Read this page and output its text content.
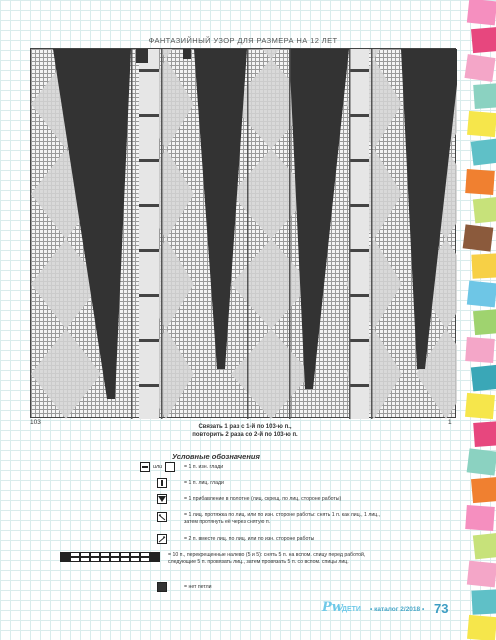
ФАНТАЗИЙНЫЙ УЗОР ДЛЯ РАЗМЕРА НА 12 ЛЕТ
103	1
Связать 1 раз с 1-й по 103-ю п.,
повторить 2 раза со 2-й по 103-ю п.
Условные обозначения
или	= 1 п. изн. глади
= 1 п. лиц. глади
= 1 прибавление в полотне (лиц. скрещ. по лиц. стороне работы)
= 1 лиц. протяжка по лиц. или по изн. стороне работы: снять 1 п. как лиц., 1 лиц.,
затем протянуть её через снятую п.
= 2 п. вместе лиц. по лиц. или по изн. стороне работы
= 10 п., перекрещенные налево (5 и 5): снять 5 п. на вспом. спицу перед работой,
следующие 5 п. провязать лиц., затем провязать 5 п. со вспом. спицы лиц.
= нет петли
Pw ДЕТИ • каталог 2/2018 • 73
